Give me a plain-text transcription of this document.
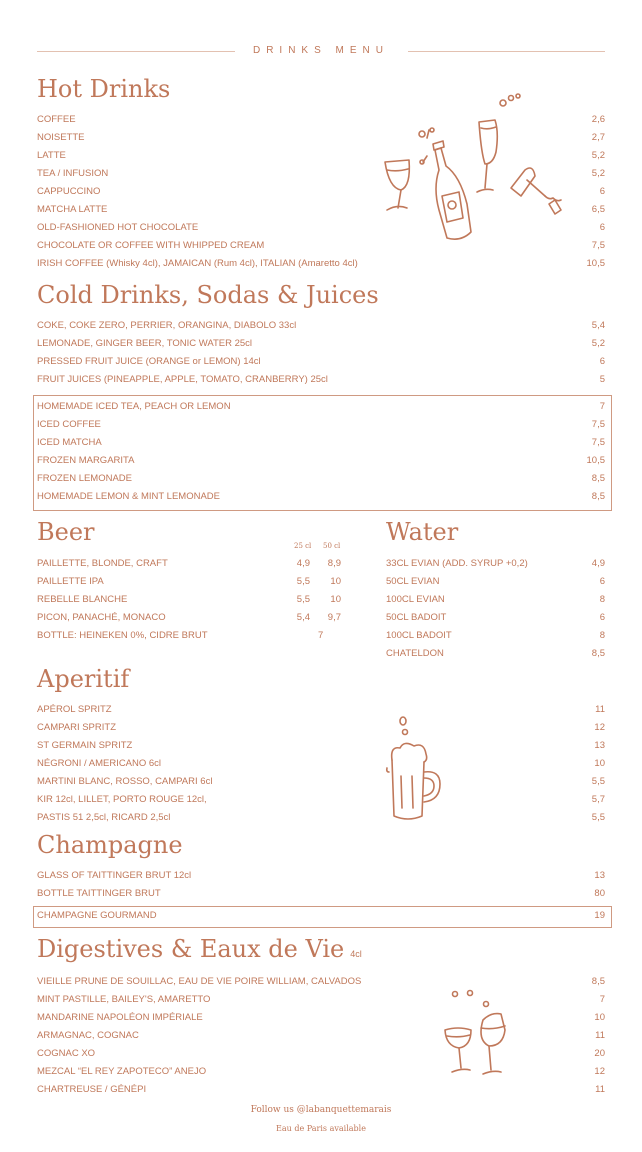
DRINKS MENU
Hot Drinks
COFFEE	2,6
NOISETTE	2,7
LATTE	5,2
TEA / INFUSION	5,2
CAPPUCCINO	6
MATCHA LATTE	6,5
OLD-FASHIONED HOT CHOCOLATE	6
CHOCOLATE OR COFFEE WITH WHIPPED CREAM	7,5
IRISH COFFEE (Whisky 4cl), JAMAICAN (Rum 4cl), ITALIAN (Amaretto 4cl)	10,5
Cold Drinks, Sodas & Juices
COKE, COKE ZERO, PERRIER, ORANGINA, DIABOLO 33cl	5,4
LEMONADE, GINGER BEER, TONIC WATER 25cl	5,2
PRESSED FRUIT JUICE (ORANGE or LEMON) 14cl	6
FRUIT JUICES (PINEAPPLE, APPLE, TOMATO, CRANBERRY) 25cl	5
HOMEMADE ICED TEA, PEACH OR LEMON	7
ICED COFFEE	7,5
ICED MATCHA	7,5
FROZEN MARGARITA	10,5
FROZEN LEMONADE	8,5
HOMEMADE LEMON & MINT LEMONADE	8,5
Beer	25 cl 50 cl
PAILLETTE, BLONDE, CRAFT	4,9 8,9
PAILLETTE IPA	5,5 10
REBELLE BLANCHE	5,5 10
PICON, PANACHÉ, MONACO	5,4 9,7
BOTTLE: HEINEKEN 0%, CIDRE BRUT	7
Water
33CL EVIAN (ADD. SYRUP +0,2)	4,9
50CL EVIAN	6
100CL EVIAN	8
50CL BADOIT	6
100CL BADOIT	8
CHATELDON	8,5
Aperitif
APÉROL SPRITZ	11
CAMPARI SPRITZ	12
ST GERMAIN SPRITZ	13
NÉGRONI / AMERICANO 6cl	10
MARTINI BLANC, ROSSO, CAMPARI 6cl	5,5
KIR 12cl, LILLET, PORTO ROUGE 12cl,	5,7
PASTIS 51 2,5cl, RICARD 2,5cl	5,5
Champagne
GLASS OF TAITTINGER BRUT 12cl	13
BOTTLE TAITTINGER BRUT	80
CHAMPAGNE GOURMAND	19
Digestives & Eaux de Vie 4cl
VIEILLE PRUNE DE SOUILLAC, EAU DE VIE POIRE WILLIAM, CALVADOS	8,5
MINT PASTILLE, BAILEY'S, AMARETTO	7
MANDARINE NAPOLÉON IMPÉRIALE	10
ARMAGNAC, COGNAC	11
COGNAC XO	20
MEZCAL “EL REY ZAPOTECO” ANEJO	12
CHARTREUSE / GÉNÉPI	11
Follow us @labanquettemarais
Eau de Paris available
